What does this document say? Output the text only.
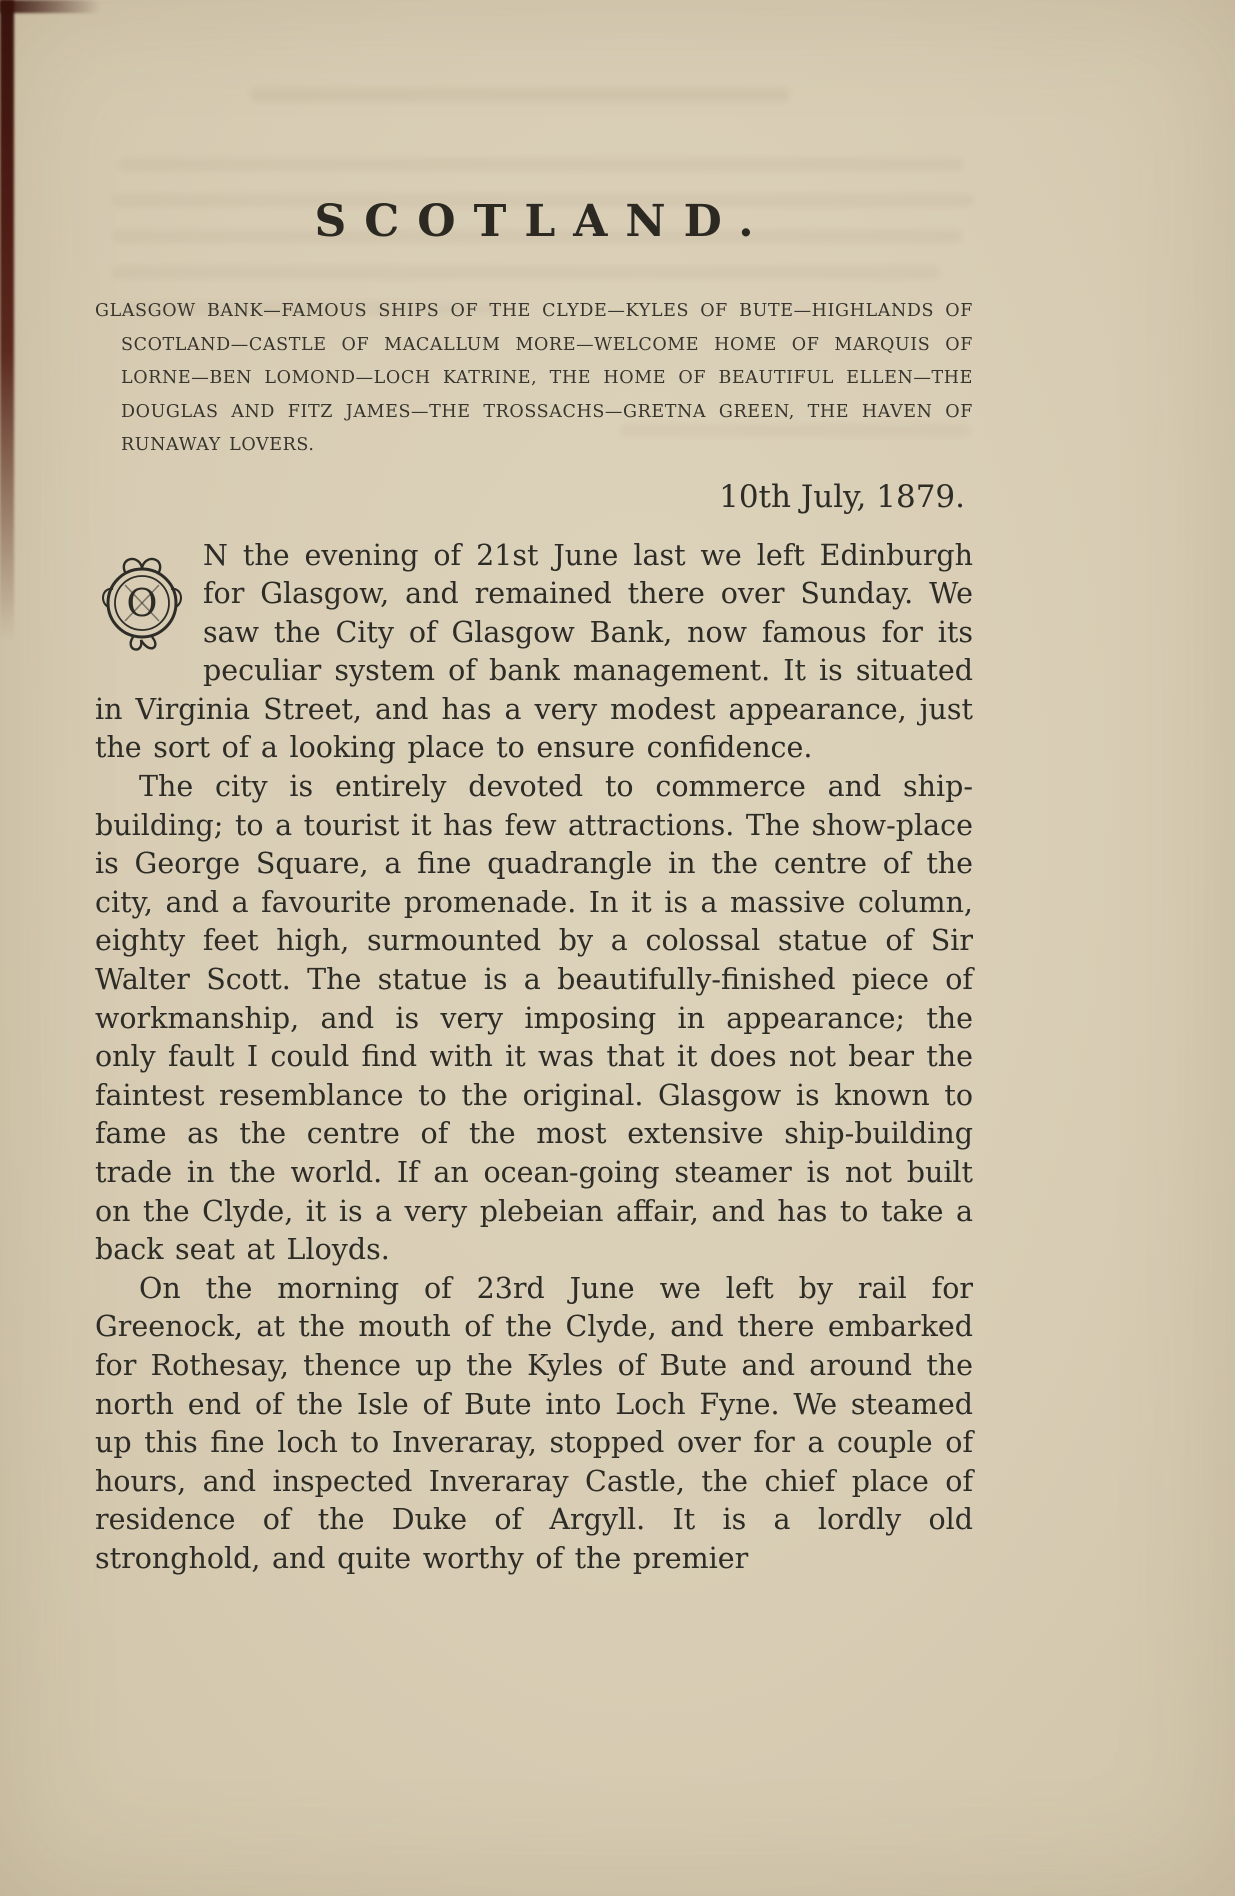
SCOTLAND.
GLASGOW BANK—FAMOUS SHIPS OF THE CLYDE—KYLES OF BUTE—HIGHLANDS OF SCOTLAND—CASTLE OF MACALLUM MORE—WELCOME HOME OF MARQUIS OF LORNE—BEN LOMOND—LOCH KATRINE, THE HOME OF BEAUTIFUL ELLEN—THE DOUGLAS AND FITZ JAMES—THE TROSSACHS—GRETNA GREEN, THE HAVEN OF RUNAWAY LOVERS.
10th July, 1879.
O
N the evening of 21st June last we left Edinburgh for Glasgow, and remained there over Sunday. We saw the City of Glasgow Bank, now famous for its peculiar system of bank management. It is situated in Virginia Street, and has a very modest appearance, just the sort of a looking place to ensure confidence.

The city is entirely devoted to commerce and ship-building; to a tourist it has few attractions. The show-place is George Square, a fine quadrangle in the centre of the city, and a favourite promenade. In it is a massive column, eighty feet high, surmounted by a colossal statue of Sir Walter Scott. The statue is a beautifully-finished piece of workmanship, and is very imposing in appearance; the only fault I could find with it was that it does not bear the faintest resemblance to the original. Glasgow is known to fame as the centre of the most extensive ship-building trade in the world. If an ocean-going steamer is not built on the Clyde, it is a very plebeian affair, and has to take a back seat at Lloyds.

On the morning of 23rd June we left by rail for Greenock, at the mouth of the Clyde, and there embarked for Rothesay, thence up the Kyles of Bute and around the north end of the Isle of Bute into Loch Fyne. We steamed up this fine loch to Inveraray, stopped over for a couple of hours, and inspected Inveraray Castle, the chief place of residence of the Duke of Argyll. It is a lordly old stronghold, and quite worthy of the premier
